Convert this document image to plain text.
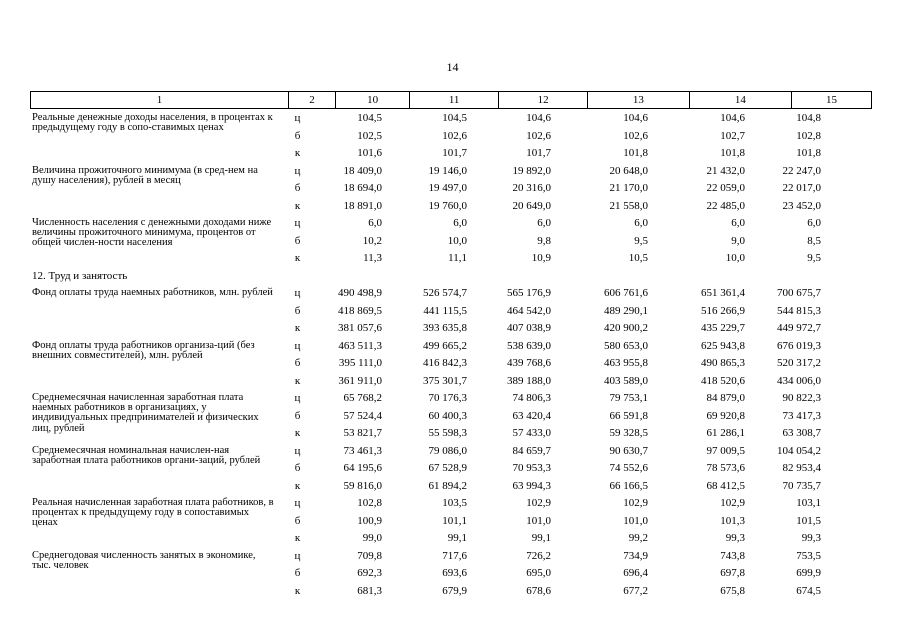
14
1	2	10	11	12	13	14	15
Реальные денежные доходы населения, в процентах к предыдущему году в сопо-ставимых ценах
ц	104,5	104,5	104,6	104,6	104,6	104,8
б	102,5	102,6	102,6	102,6	102,7	102,8
к	101,6	101,7	101,7	101,8	101,8	101,8
Величина прожиточного минимума (в сред-нем на душу населения), рублей в месяц
ц	18 409,0	19 146,0	19 892,0	20 648,0	21 432,0	22 247,0
б	18 694,0	19 497,0	20 316,0	21 170,0	22 059,0	22 017,0
к	18 891,0	19 760,0	20 649,0	21 558,0	22 485,0	23 452,0
Численность населения с денежными доходами ниже величины прожиточного минимума, процентов от общей числен-ности населения
ц	6,0	6,0	6,0	6,0	6,0	6,0
б	10,2	10,0	9,8	9,5	9,0	8,5
к	11,3	11,1	10,9	10,5	10,0	9,5
12. Труд и занятость
Фонд оплаты труда наемных работников, млн. рублей	ц	490 498,9	526 574,7	565 176,9	606 761,6	651 361,4	700 675,7
б	418 869,5	441 115,5	464 542,0	489 290,1	516 266,9	544 815,3
к	381 057,6	393 635,8	407 038,9	420 900,2	435 229,7	449 972,7
Фонд оплаты труда работников организа-ций (без внешних совместителей), млн. рублей
ц	463 511,3	499 665,2	538 639,0	580 653,0	625 943,8	676 019,3
б	395 111,0	416 842,3	439 768,6	463 955,8	490 865,3	520 317,2
к	361 911,0	375 301,7	389 188,0	403 589,0	418 520,6	434 006,0
Среднемесячная начисленная заработная плата наемных работников в организациях, у индивидуальных предпринимателей и физических лиц, рублей
ц	65 768,2	70 176,3	74 806,3	79 753,1	84 879,0	90 822,3
б	57 524,4	60 400,3	63 420,4	66 591,8	69 920,8	73 417,3
к	53 821,7	55 598,3	57 433,0	59 328,5	61 286,1	63 308,7
Среднемесячная номинальная начислен-ная заработная плата работников органи-заций, рублей
ц	73 461,3	79 086,0	84 659,7	90 630,7	97 009,5	104 054,2
б	64 195,6	67 528,9	70 953,3	74 552,6	78 573,6	82 953,4
к	59 816,0	61 894,2	63 994,3	66 166,5	68 412,5	70 735,7
Реальная начисленная заработная плата работников, в процентах к предыдущему году в сопоставимых ценах
ц	102,8	103,5	102,9	102,9	102,9	103,1
б	100,9	101,1	101,0	101,0	101,3	101,5
к	99,0	99,1	99,1	99,2	99,3	99,3
Среднегодовая численность занятых в экономике, тыс. человек
ц	709,8	717,6	726,2	734,9	743,8	753,5
б	692,3	693,6	695,0	696,4	697,8	699,9
к	681,3	679,9	678,6	677,2	675,8	674,5
